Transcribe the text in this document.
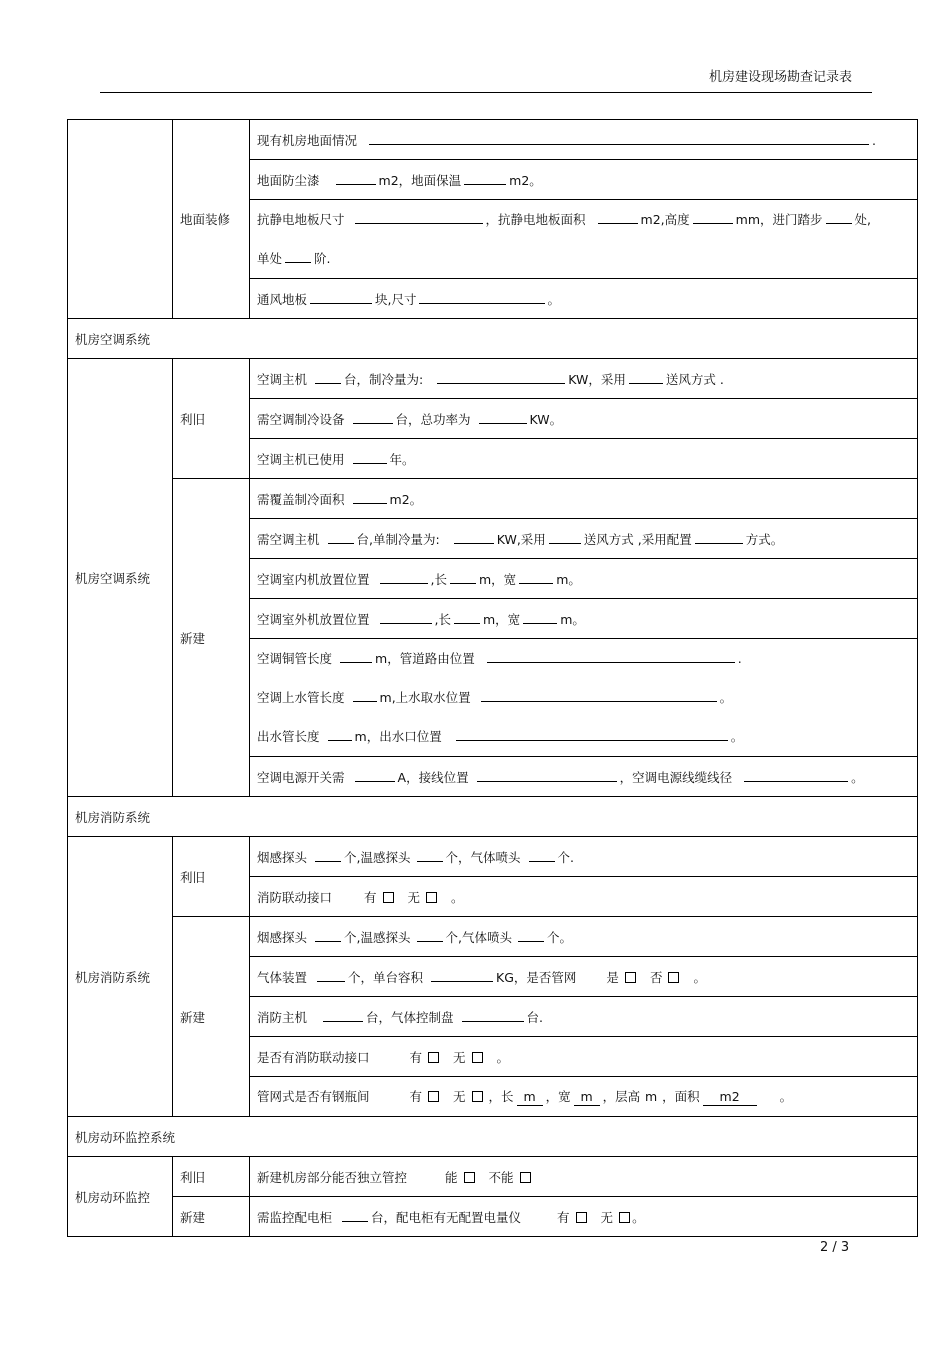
机房建设现场勘查记录表
	地面装修	现有机房地面情况 .
		地面防尘漆 m2，地面保温 m2。

		抗静电地板尺寸 ，抗静电地板面积 m2,高度 mm，进门踏步 处,
单处 阶.

		通风地板 块,尺寸 。
机房空调系统		
机房空调系统	利旧	空调主机 台，制冷量为: KW，采用 送风方式 .
		需空调制冷设备 台，总功率为 KW。
		空调主机已使用 年。
	新建	需覆盖制冷面积 m2。
		需空调主机 台,单制冷量为: KW,采用 送风方式 ,采用配置 方式。
		空调室内机放置位置 ,长 m，宽 m。
		空调室外机放置位置 ,长 m，宽 m。

		空调铜管长度 m，管道路由位置 .
空调上水管长度 m,上水取水位置 。
出水管长度 m，出水口位置 。

		空调电源开关需 A，接线位置 ，空调电源线缆线径 。
机房消防系统		
机房消防系统	利旧	烟感探头 个,温感探头 个，气体喷头 个.
		消防联动接口 有 无 。
	新建	烟感探头 个,温感探头 个,气体喷头 个。
		气体装置 个，单台容积 KG，是否管网 是 否 。
		消防主机 台，气体控制盘 台.
		是否有消防联动接口 有 无 。
		管网式是否有钢瓶间 有 无 ，长 m ，宽 m ，层高 m ，面积 m2 。
机房动环监控系统		
机房动环监控	利旧	新建机房部分能否独立管控 能 不能
	新建	需监控配电柜 台，配电柜有无配置电量仪 有 无 。
2 / 3
